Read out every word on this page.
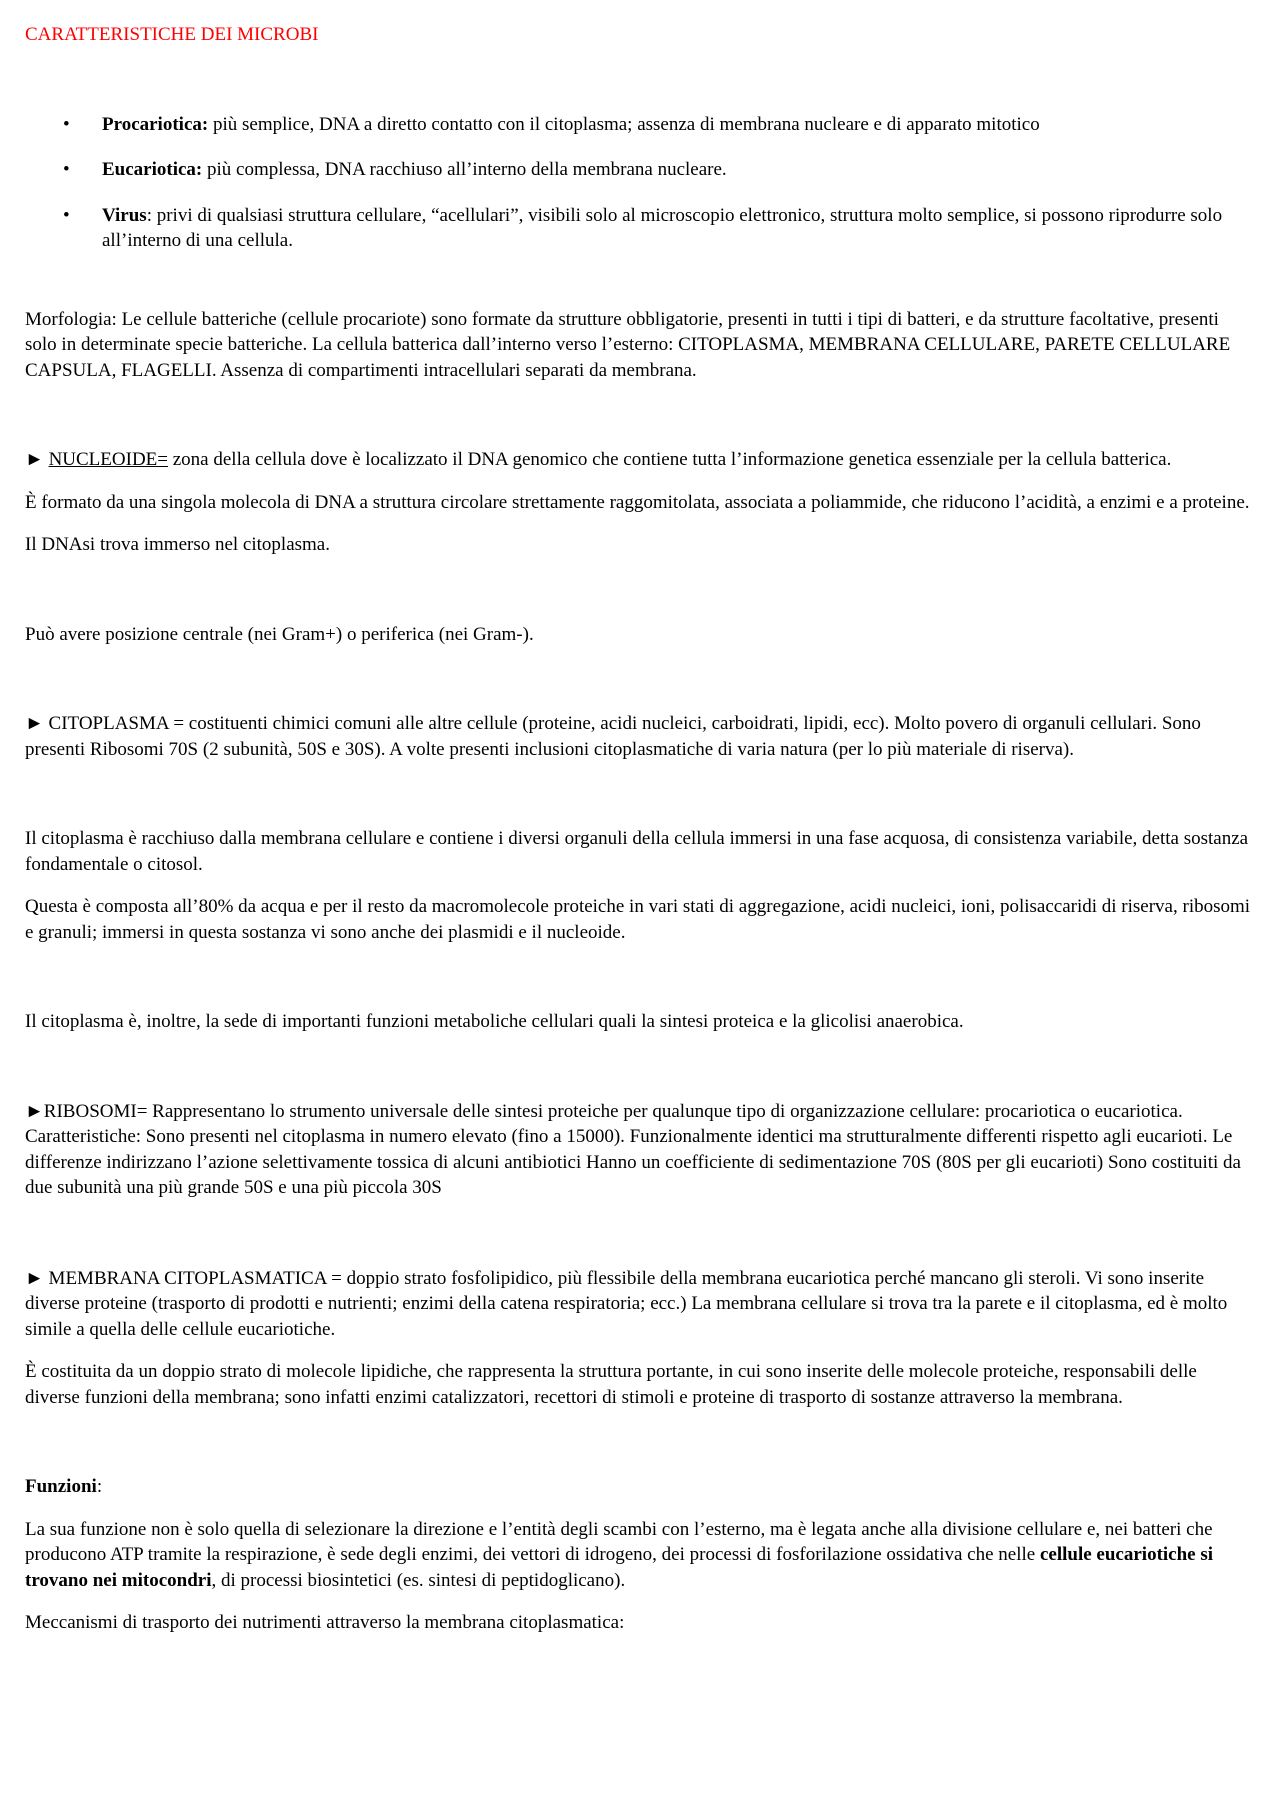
CARATTERISTICHE DEI MICROBI
• Procariotica: più semplice, DNA a diretto contatto con il citoplasma; assenza di membrana nucleare e di apparato mitotico
• Eucariotica: più complessa, DNA racchiuso all’interno della membrana nucleare.
• Virus: privi di qualsiasi struttura cellulare, “acellulari”, visibili solo al microscopio elettronico, struttura molto semplice, si possono riprodurre solo all’interno di una cellula.

Morfologia: Le cellule batteriche (cellule procariote) sono formate da strutture obbligatorie, presenti in tutti i tipi di batteri, e da strutture facoltative, presenti solo in determinate specie batteriche. La cellula batterica dall’interno verso l’esterno: CITOPLASMA, MEMBRANA CELLULARE, PARETE CELLULARE CAPSULA, FLAGELLI. Assenza di compartimenti intracellulari separati da membrana.

► NUCLEOIDE= zona della cellula dove è localizzato il DNA genomico che contiene tutta l’informazione genetica essenziale per la cellula batterica.

È formato da una singola molecola di DNA a struttura circolare strettamente raggomitolata, associata a poliammide, che riducono l’acidità, a enzimi e a proteine.

Il DNAsi trova immerso nel citoplasma.

Può avere posizione centrale (nei Gram+) o periferica (nei Gram-).

► CITOPLASMA = costituenti chimici comuni alle altre cellule (proteine, acidi nucleici, carboidrati, lipidi, ecc). Molto povero di organuli cellulari. Sono presenti Ribosomi 70S (2 subunità, 50S e 30S). A volte presenti inclusioni citoplasmatiche di varia natura (per lo più materiale di riserva).

Il citoplasma è racchiuso dalla membrana cellulare e contiene i diversi organuli della cellula immersi in una fase acquosa, di consistenza variabile, detta sostanza fondamentale o citosol.

Questa è composta all’80% da acqua e per il resto da macromolecole proteiche in vari stati di aggregazione, acidi nucleici, ioni, polisaccaridi di riserva, ribosomi e granuli; immersi in questa sostanza vi sono anche dei plasmidi e il nucleoide.

Il citoplasma è, inoltre, la sede di importanti funzioni metaboliche cellulari quali la sintesi proteica e la glicolisi anaerobica.

►RIBOSOMI= Rappresentano lo strumento universale delle sintesi proteiche per qualunque tipo di organizzazione cellulare: procariotica o eucariotica. Caratteristiche: Sono presenti nel citoplasma in numero elevato (fino a 15000). Funzionalmente identici ma strutturalmente differenti rispetto agli eucarioti. Le differenze indirizzano l’azione selettivamente tossica di alcuni antibiotici Hanno un coefficiente di sedimentazione 70S (80S per gli eucarioti) Sono costituiti da due subunità una più grande 50S e una più piccola 30S

► MEMBRANA CITOPLASMATICA = doppio strato fosfolipidico, più flessibile della membrana eucariotica perché mancano gli steroli. Vi sono inserite diverse proteine (trasporto di prodotti e nutrienti; enzimi della catena respiratoria; ecc.) La membrana cellulare si trova tra la parete e il citoplasma, ed è molto simile a quella delle cellule eucariotiche.

È costituita da un doppio strato di molecole lipidiche, che rappresenta la struttura portante, in cui sono inserite delle molecole proteiche, responsabili delle diverse funzioni della membrana; sono infatti enzimi catalizzatori, recettori di stimoli e proteine di trasporto di sostanze attraverso la membrana.

Funzioni:

La sua funzione non è solo quella di selezionare la direzione e l’entità degli scambi con l’esterno, ma è legata anche alla divisione cellulare e, nei batteri che producono ATP tramite la respirazione, è sede degli enzimi, dei vettori di idrogeno, dei processi di fosforilazione ossidativa che nelle cellule eucariotiche si trovano nei mitocondri, di processi biosintetici (es. sintesi di peptidoglicano).

Meccanismi di trasporto dei nutrimenti attraverso la membrana citoplasmatica:
